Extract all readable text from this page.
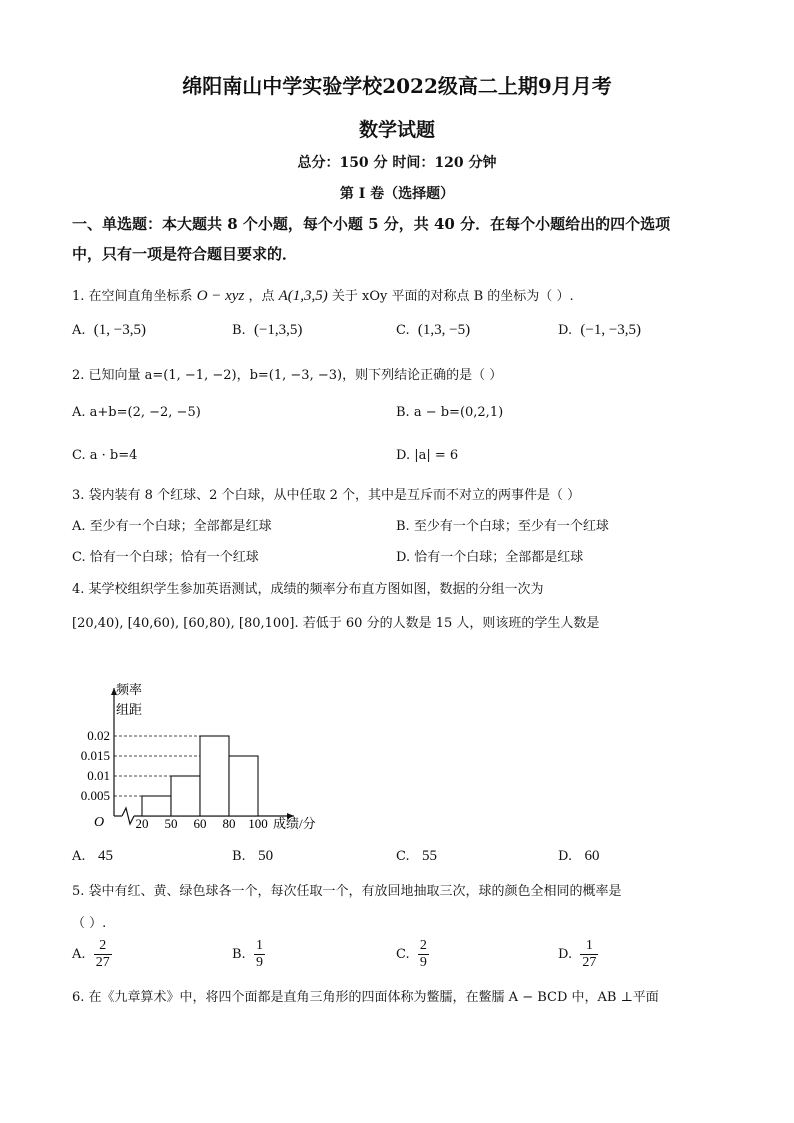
绵阳南山中学实验学校2022级高二上期9月月考
数学试题
总分：150 分 时间：120 分钟
第 I 卷（选择题）
一、单选题：本大题共 8 个小题，每个小题 5 分，共 40 分．在每个小题给出的四个选项
中，只有一项是符合题目要求的．
1. 在空间直角坐标系 O − xyz ，点 A(1,3,5) 关于 xOy 平面的对称点 B 的坐标为（ ）.
A. (1, −3,5)	B. (−1,3,5)	C. (1,3, −5)	D. (−1, −3,5)
2. 已知向量 a=(1, −1, −2)，b=(1, −3, −3)，则下列结论正确的是（ ）
A. a+b=(2, −2, −5)	B. a − b=(0,2,1)
C. a · b=4	D. |a| = 6
3. 袋内装有 8 个红球、2 个白球，从中任取 2 个，其中是互斥而不对立的两事件是（ ）
A. 至少有一个白球；全部都是红球	B. 至少有一个白球；至少有一个红球
C. 恰有一个白球；恰有一个红球	D. 恰有一个白球；全部都是红球
4. 某学校组织学生参加英语测试，成绩的频率分布直方图如图，数据的分组一次为
[20,40), [40,60), [60,80), [80,100]. 若低于 60 分的人数是 15 人，则该班的学生人数是
0.02
0.015
0.01
0.005
20 50 60 80 100
频率
组距
O	成绩/分
A. 45	B. 50	C. 55	D. 60
5. 袋中有红、黄、绿色球各一个，每次任取一个，有放回地抽取三次，球的颜色全相同的概率是
（ ）.
A. $\frac{2}{27}$	B. $\frac{1}{9}$	C. $\frac{2}{9}$	D. $\frac{1}{27}$
6. 在《九章算术》中，将四个面都是直角三角形的四面体称为鳖臑，在鳖臑 A − BCD 中，AB ⊥平面
